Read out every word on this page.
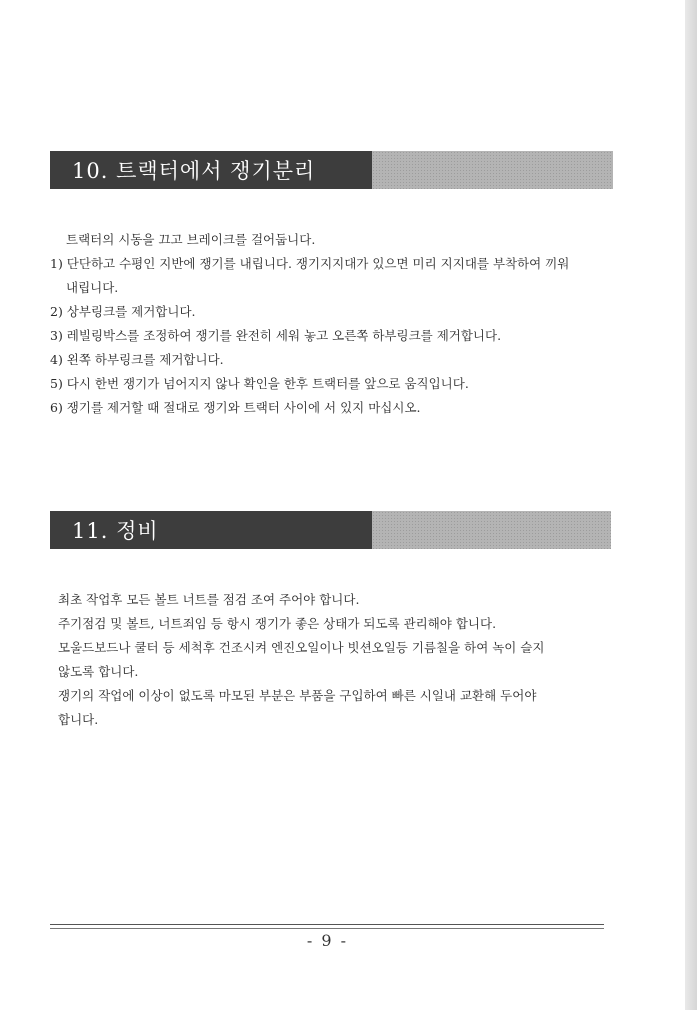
10. 트랙터에서 쟁기분리

트랙터의 시동을 끄고 브레이크를 걸어둡니다.

1) 단단하고 수평인 지반에 쟁기를 내립니다. 쟁기지지대가 있으면 미리 지지대를 부착하여 끼워

내립니다.

2) 상부링크를 제거합니다.

3) 레빌링박스를 조정하여 쟁기를 완전히 세워 놓고 오른쪽 하부링크를 제거합니다.

4) 왼쪽 하부링크를 제거합니다.

5) 다시 한번 쟁기가 넘어지지 않나 확인을 한후 트랙터를 앞으로 움직입니다.

6) 쟁기를 제거할 때 절대로 쟁기와 트랙터 사이에 서 있지 마십시오.

11. 정비

최초 작업후 모든 볼트 너트를 점검 조여 주어야 합니다.

주기점검 및 볼트, 너트죄임 등 항시 쟁기가 좋은 상태가 되도록 관리해야 합니다.

모울드보드나 쿨터 등 세척후 건조시켜 엔진오일이나 빗션오일등 기름칠을 하여 녹이 슬지

않도록 합니다.

쟁기의 작업에 이상이 없도록 마모된 부분은 부품을 구입하여 빠른 시일내 교환해 두어야

합니다.

- 9 -
